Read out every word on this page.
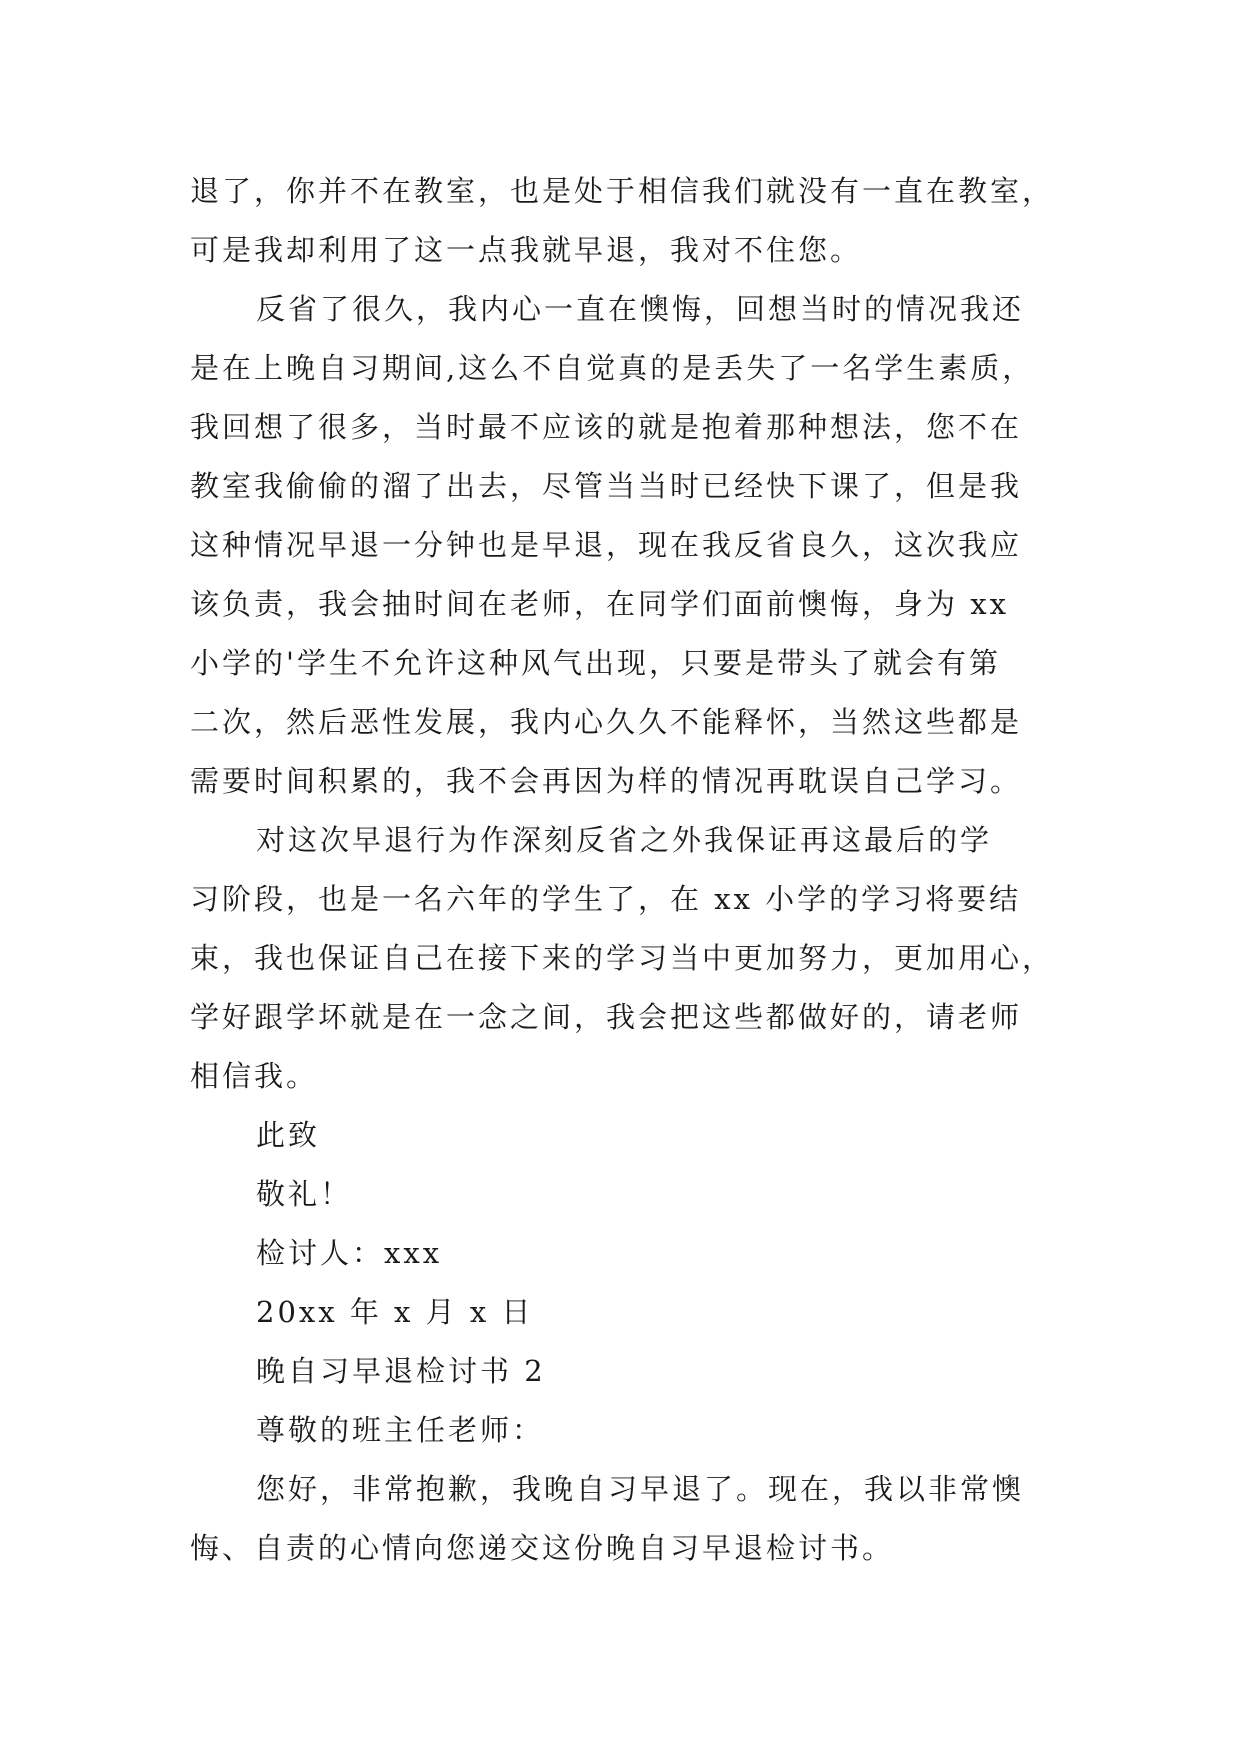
退了，你并不在教室，也是处于相信我们就没有一直在教室，
可是我却利用了这一点我就早退，我对不住您。
反省了很久，我内心一直在懊悔，回想当时的情况我还
是在上晚自习期间,这么不自觉真的是丢失了一名学生素质，
我回想了很多，当时最不应该的就是抱着那种想法，您不在
教室我偷偷的溜了出去，尽管当当时已经快下课了，但是我
这种情况早退一分钟也是早退，现在我反省良久，这次我应
该负责，我会抽时间在老师，在同学们面前懊悔，身为 xx
小学的'学生不允许这种风气出现，只要是带头了就会有第
二次，然后恶性发展，我内心久久不能释怀，当然这些都是
需要时间积累的，我不会再因为样的情况再耽误自己学习。
对这次早退行为作深刻反省之外我保证再这最后的学
习阶段，也是一名六年的学生了，在 xx 小学的学习将要结
束，我也保证自己在接下来的学习当中更加努力，更加用心，
学好跟学坏就是在一念之间，我会把这些都做好的，请老师
相信我。
此致
敬礼！
检讨人：xxx
20xx 年 x 月 x 日
晚自习早退检讨书 2
尊敬的班主任老师：
您好，非常抱歉，我晚自习早退了。现在，我以非常懊
悔、自责的心情向您递交这份晚自习早退检讨书。
